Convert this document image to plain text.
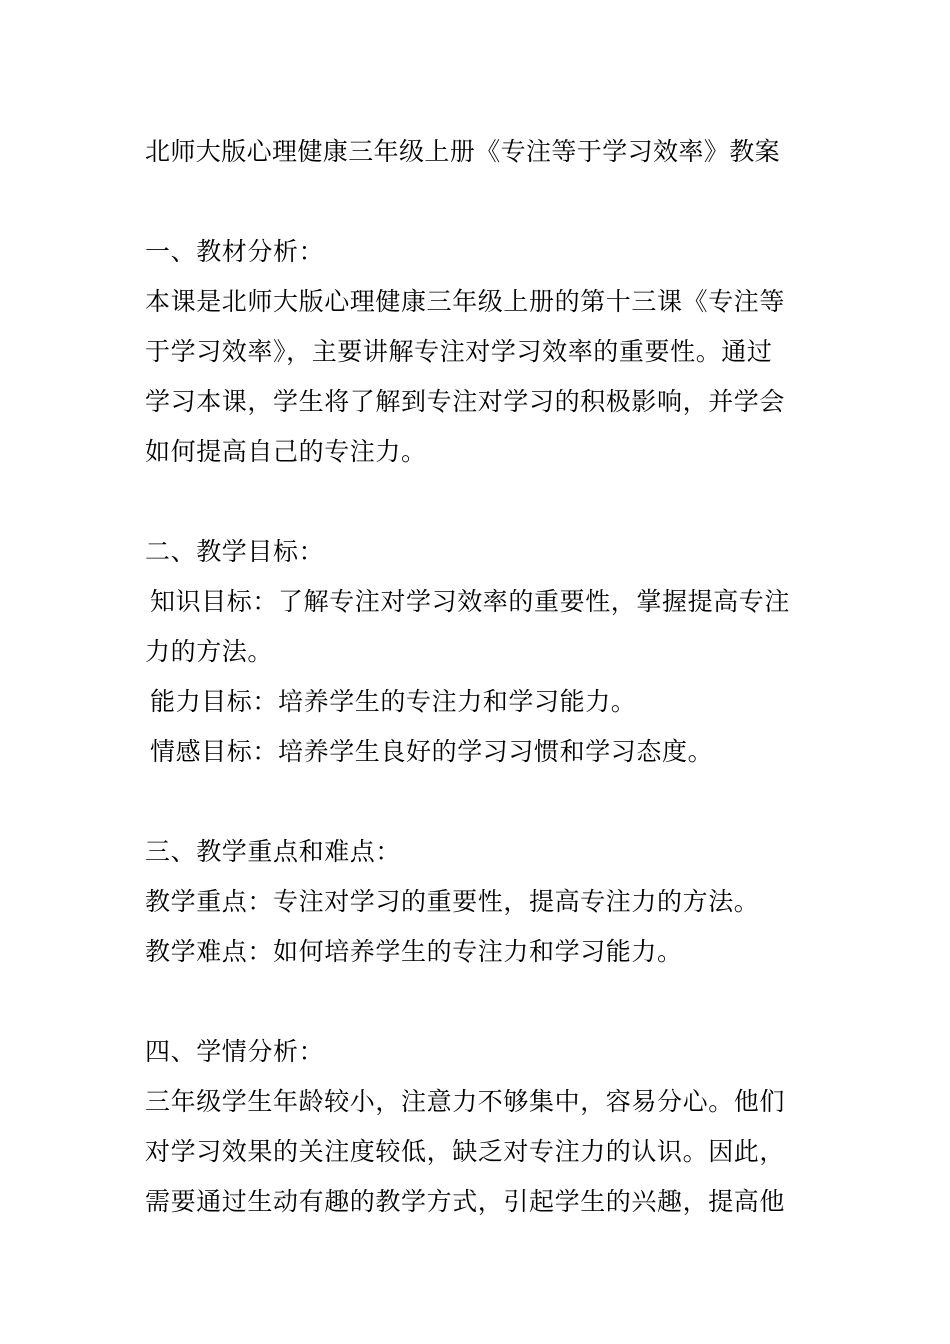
北师大版心理健康三年级上册《专注等于学习效率》教案
一、教材分析：
本课是北师大版心理健康三年级上册的第十三课《专注等
于学习效率》，主要讲解专注对学习效率的重要性。通过
学习本课，学生将了解到专注对学习的积极影响，并学会
如何提高自己的专注力。
二、教学目标：
知识目标：了解专注对学习效率的重要性，掌握提高专注
力的方法。
能力目标：培养学生的专注力和学习能力。
情感目标：培养学生良好的学习习惯和学习态度。
三、教学重点和难点：
教学重点：专注对学习的重要性，提高专注力的方法。
教学难点：如何培养学生的专注力和学习能力。
四、学情分析：
三年级学生年龄较小，注意力不够集中，容易分心。他们
对学习效果的关注度较低，缺乏对专注力的认识。因此，
需要通过生动有趣的教学方式，引起学生的兴趣，提高他
